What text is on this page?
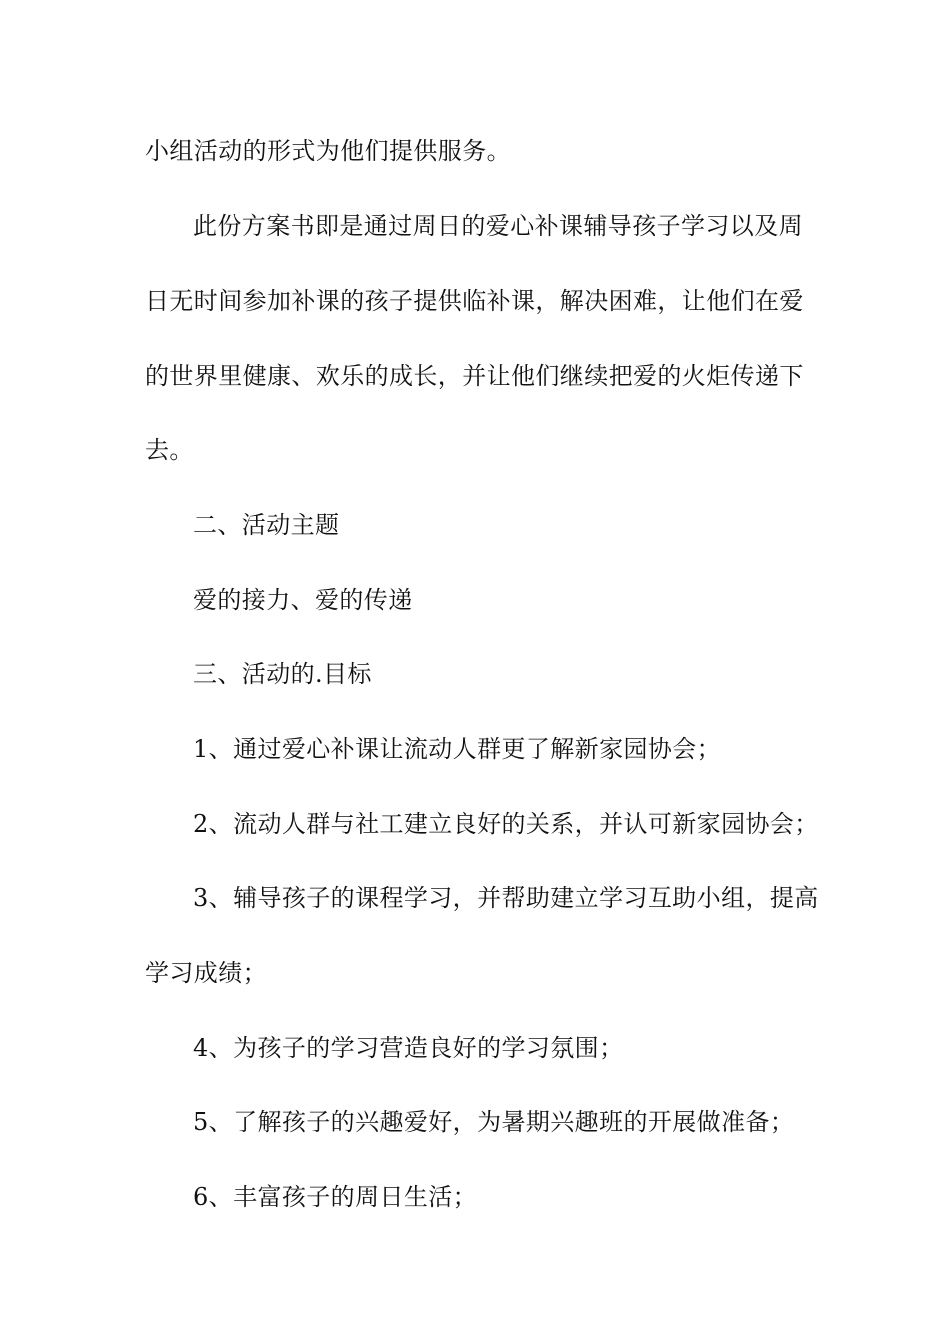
小组活动的形式为他们提供服务。
此份方案书即是通过周日的爱心补课辅导孩子学习以及周
日无时间参加补课的孩子提供临补课，解决困难，让他们在爱
的世界里健康、欢乐的成长，并让他们继续把爱的火炬传递下
去。
二、活动主题
爱的接力、爱的传递
三、活动的.目标
1、通过爱心补课让流动人群更了解新家园协会；
2、流动人群与社工建立良好的关系，并认可新家园协会；
3、辅导孩子的课程学习，并帮助建立学习互助小组，提高
学习成绩；
4、为孩子的学习营造良好的学习氛围；
5、了解孩子的兴趣爱好，为暑期兴趣班的开展做准备；
6、丰富孩子的周日生活；
